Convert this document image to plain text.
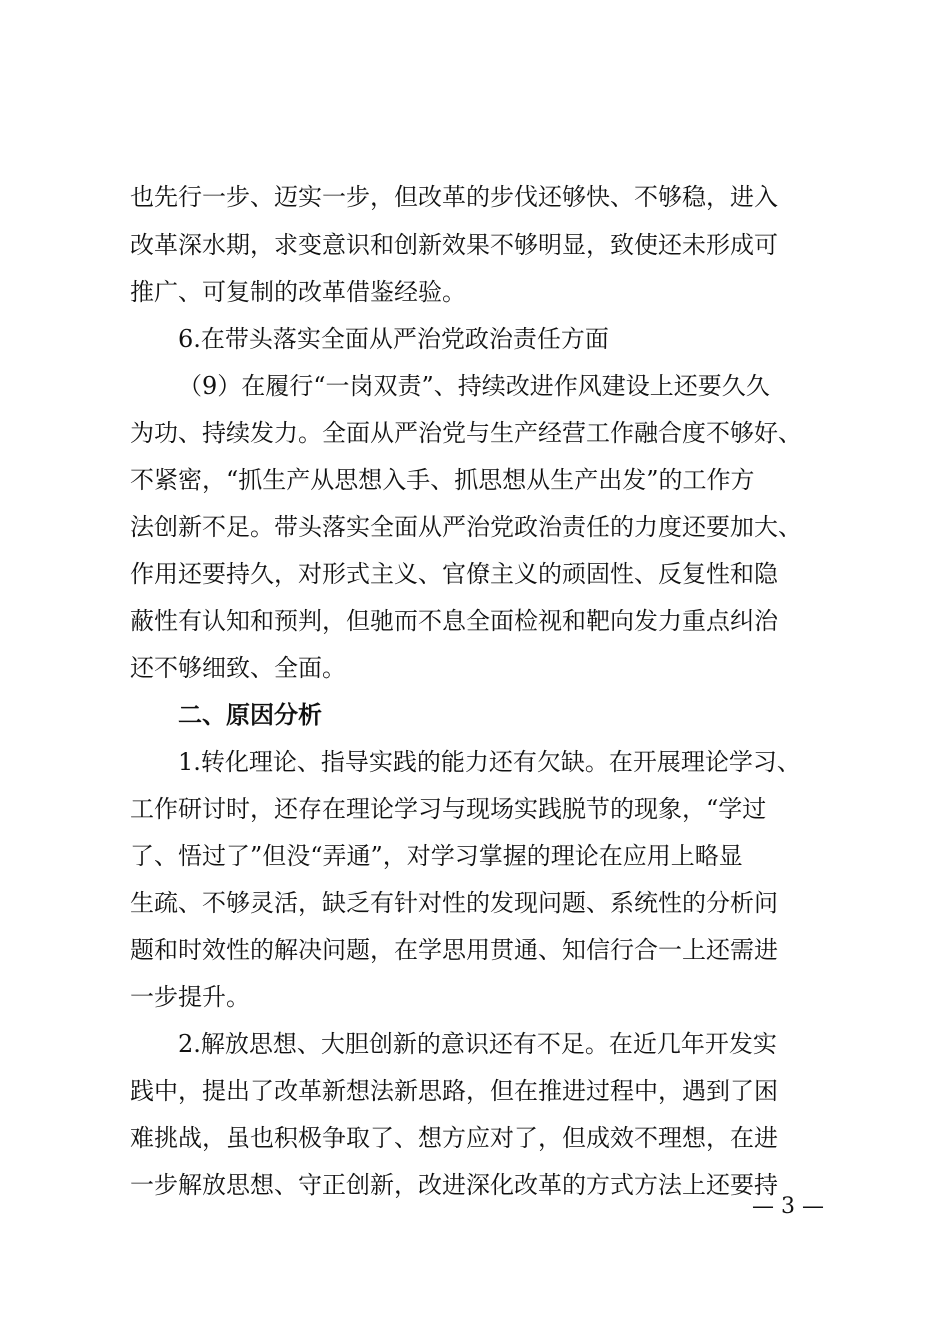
也先行一步、迈实一步，但改革的步伐还够快、不够稳，进入

改革深水期，求变意识和创新效果不够明显，致使还未形成可

推广、可复制的改革借鉴经验。

6.在带头落实全面从严治党政治责任方面

（9）在履行“一岗双责”、持续改进作风建设上还要久久

为功、持续发力。全面从严治党与生产经营工作融合度不够好、

不紧密，“抓生产从思想入手、抓思想从生产出发”的工作方

法创新不足。带头落实全面从严治党政治责任的力度还要加大、

作用还要持久，对形式主义、官僚主义的顽固性、反复性和隐

蔽性有认知和预判，但驰而不息全面检视和靶向发力重点纠治

还不够细致、全面。

二、原因分析

1.转化理论、指导实践的能力还有欠缺。在开展理论学习、

工作研讨时，还存在理论学习与现场实践脱节的现象，“学过

了、悟过了”但没“弄通”，对学习掌握的理论在应用上略显

生疏、不够灵活，缺乏有针对性的发现问题、系统性的分析问

题和时效性的解决问题，在学思用贯通、知信行合一上还需进

一步提升。

2.解放思想、大胆创新的意识还有不足。在近几年开发实

践中，提出了改革新想法新思路，但在推进过程中，遇到了困

难挑战，虽也积极争取了、想方应对了，但成效不理想，在进

一步解放思想、守正创新，改进深化改革的方式方法上还要持

— 3 —
